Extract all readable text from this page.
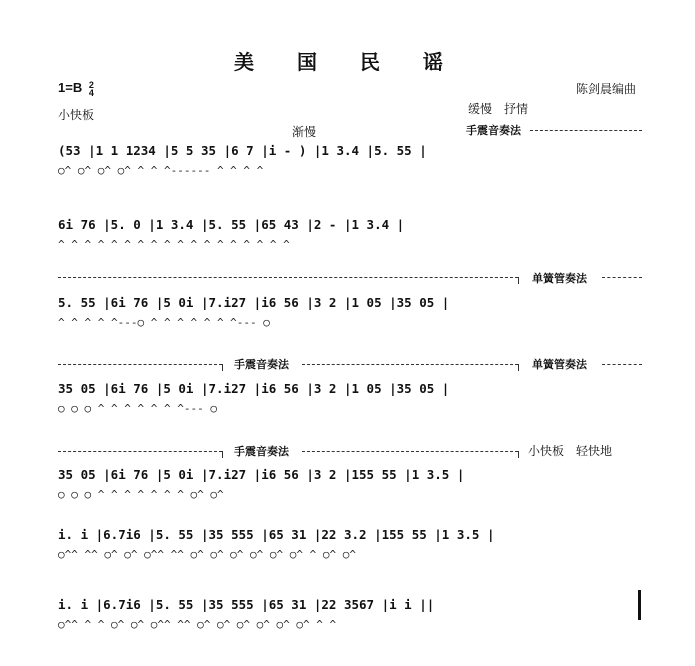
美 国 民 谣
1=B 2
4
小快板
陈剑晨编曲
缓慢　抒情
渐慢	手震音奏法
单簧管奏法
手震音奏法	单簧管奏法
手震音奏法	小快板　轻快地
(53 |1 1 1234 |5 5 35 |6 7 |i - ) |1 3.4 |5. 55 |
○^ ○^ ○^ ○^ ^ ^ ^------ ^ ^ ^ ^
6i 76 |5. 0 |1 3.4 |5. 55 |65 43 |2 - |1 3.4 |
^ ^ ^ ^ ^ ^ ^ ^ ^ ^ ^ ^ ^ ^ ^ ^ ^ ^
5. 55 |6i 76 |5 0i |7.i27 |i6 56 |3 2 |1 05 |35 05 |
^ ^ ^ ^ ^---○ ^ ^ ^ ^ ^ ^ ^--- ○
35 05 |6i 76 |5 0i |7.i27 |i6 56 |3 2 |1 05 |35 05 |
○ ○ ○ ^ ^ ^ ^ ^ ^ ^--- ○
35 05 |6i 76 |5 0i |7.i27 |i6 56 |3 2 |155 55 |1 3.5 |
○ ○ ○ ^ ^ ^ ^ ^ ^ ^ ○^ ○^
i. i |6.7i6 |5. 55 |35 555 |65 31 |22 3.2 |155 55 |1 3.5 |
○^^ ^^ ○^ ○^ ○^^ ^^ ○^ ○^ ○^ ○^ ○^ ○^ ^ ○^ ○^
i. i |6.7i6 |5. 55 |35 555 |65 31 |22 3567 |i i ||
○^^ ^ ^ ○^ ○^ ○^^ ^^ ○^ ○^ ○^ ○^ ○^ ○^ ^ ^
